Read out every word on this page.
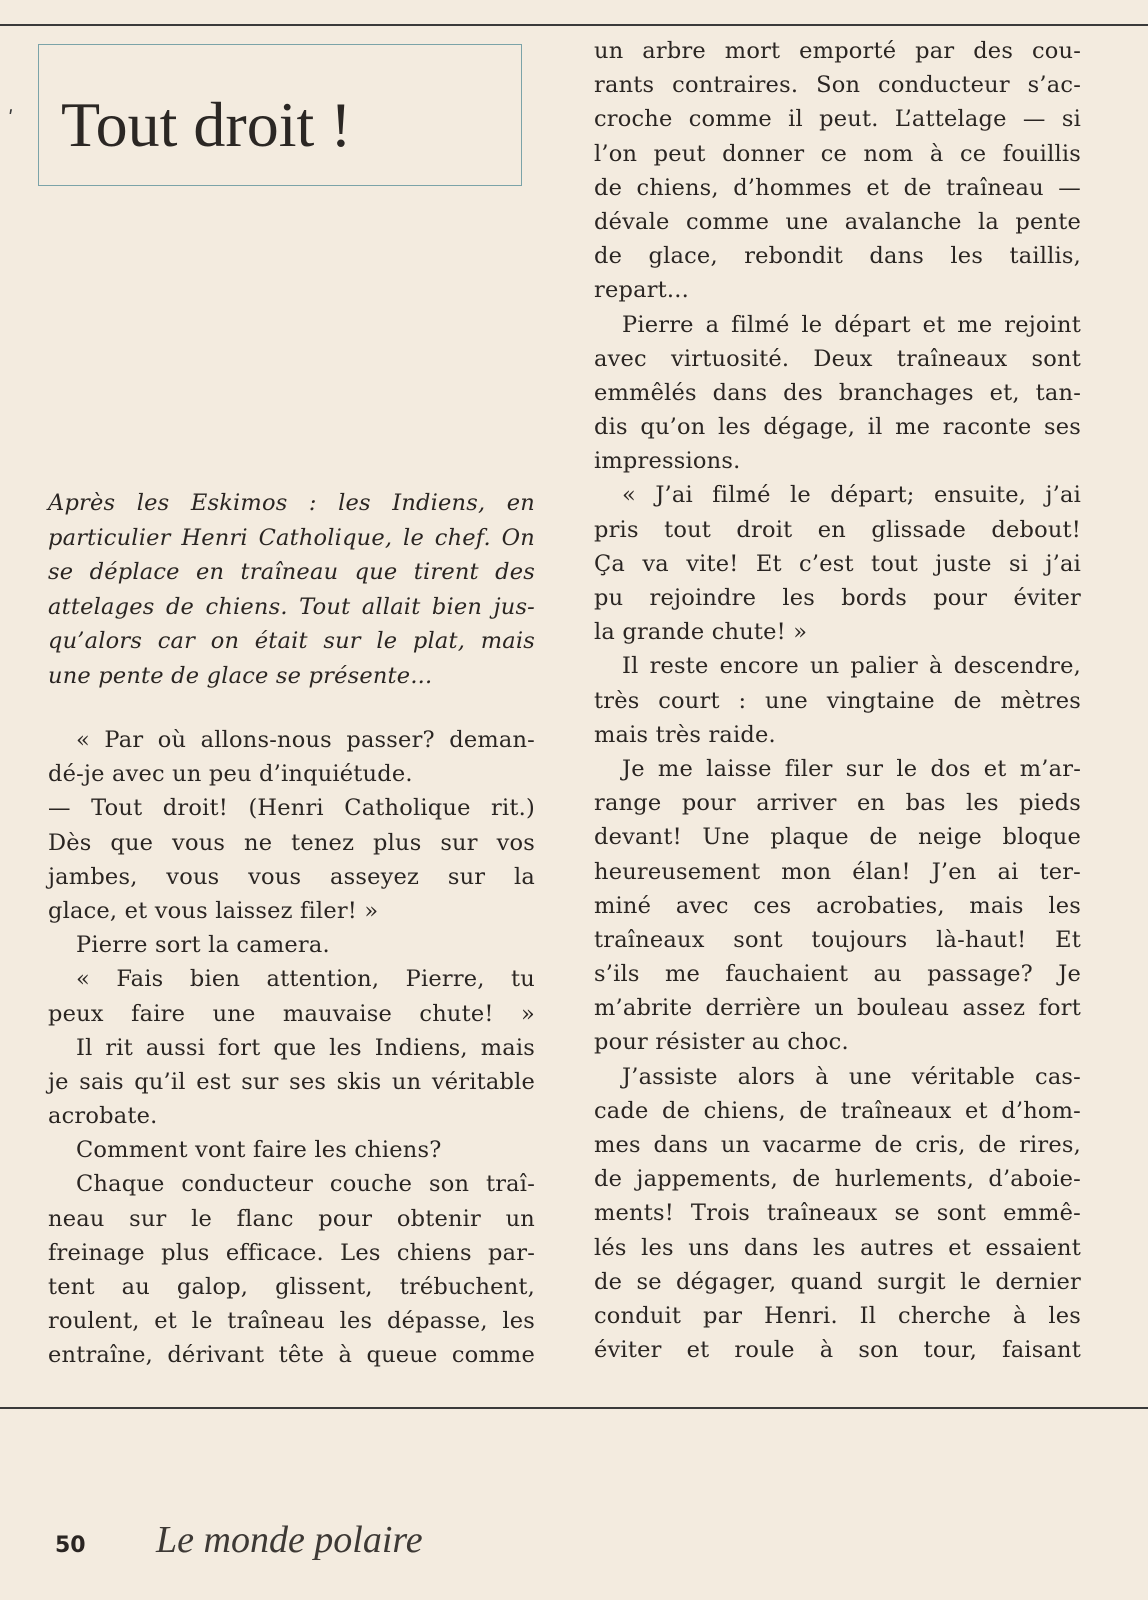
Tout droit !
ʹ

Après les Eskimos : les Indiens, en

particulier Henri Catholique, le chef. On

se déplace en traîneau que tirent des

attelages de chiens. Tout allait bien jus-

qu’alors car on était sur le plat, mais

une pente de glace se présente...

« Par où allons-nous passer? deman-

dé-je avec un peu d’inquiétude.

— Tout droit! (Henri Catholique rit.)

Dès que vous ne tenez plus sur vos

jambes, vous vous asseyez sur la

glace, et vous laissez filer! »

Pierre sort la camera.

« Fais bien attention, Pierre, tu

peux faire une mauvaise chute! »

Il rit aussi fort que les Indiens, mais

je sais qu’il est sur ses skis un véritable

acrobate.

Comment vont faire les chiens?

Chaque conducteur couche son traî-

neau sur le flanc pour obtenir un

freinage plus efficace. Les chiens par-

tent au galop, glissent, trébuchent,

roulent, et le traîneau les dépasse, les

entraîne, dérivant tête à queue comme

un arbre mort emporté par des cou-

rants contraires. Son conducteur s’ac-

croche comme il peut. L’attelage — si

l’on peut donner ce nom à ce fouillis

de chiens, d’hommes et de traîneau —

dévale comme une avalanche la pente

de glace, rebondit dans les taillis,

repart...

Pierre a filmé le départ et me rejoint

avec virtuosité. Deux traîneaux sont

emmêlés dans des branchages et, tan-

dis qu’on les dégage, il me raconte ses

impressions.

« J’ai filmé le départ; ensuite, j’ai

pris tout droit en glissade debout!

Ça va vite! Et c’est tout juste si j’ai

pu rejoindre les bords pour éviter

la grande chute! »

Il reste encore un palier à descendre,

très court : une vingtaine de mètres

mais très raide.

Je me laisse filer sur le dos et m’ar-

range pour arriver en bas les pieds

devant! Une plaque de neige bloque

heureusement mon élan! J’en ai ter-

miné avec ces acrobaties, mais les

traîneaux sont toujours là-haut! Et

s’ils me fauchaient au passage? Je

m’abrite derrière un bouleau assez fort

pour résister au choc.

J’assiste alors à une véritable cas-

cade de chiens, de traîneaux et d’hom-

mes dans un vacarme de cris, de rires,

de jappements, de hurlements, d’aboie-

ments! Trois traîneaux se sont emmê-

lés les uns dans les autres et essaient

de se dégager, quand surgit le dernier

conduit par Henri. Il cherche à les

éviter et roule à son tour, faisant

50 Le monde polaire
